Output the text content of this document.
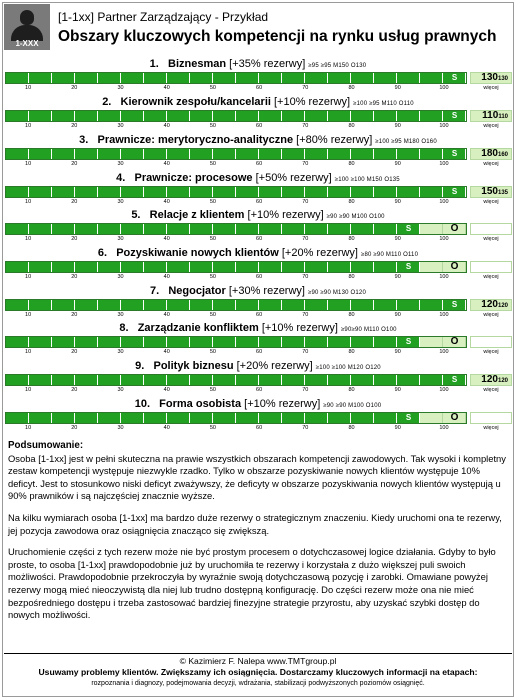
1-XXX
[1-1xx] Partner Zarządzający - Przykład
Obszary kluczowych kompetencji na rynku usług prawnych
1. Biznesman [+35% rezerwy] ≥95 ≥95 M150 O130
S	130130
10	20	30	40	50	60	70	80	90	100	więcej
2. Kierownik zespołu/kancelarii [+10% rezerwy] ≥100 ≥95 M110 O110
S	110110
10	20	30	40	50	60	70	80	90	100	więcej
3. Prawnicze: merytoryczno-analityczne [+80% rezerwy] ≥100 ≥95 M180 O160
S	180160
10	20	30	40	50	60	70	80	90	100	więcej
4. Prawnicze: procesowe [+50% rezerwy] ≥100 ≥100 M150 O135
S	150135
10	20	30	40	50	60	70	80	90	100	więcej
5. Relacje z klientem [+10% rezerwy] ≥90 ≥90 M100 O100
S	O
10	20	30	40	50	60	70	80	90	100	więcej
6. Pozyskiwanie nowych klientów [+20% rezerwy] ≥80 ≥90 M110 O110
S	O
10	20	30	40	50	60	70	80	90	100	więcej
7. Negocjator [+30% rezerwy] ≥90 ≥90 M130 O120
S	120120
10	20	30	40	50	60	70	80	90	100	więcej
8. Zarządzanie konfliktem [+10% rezerwy] ≥90≥90 M110 O100
S	O
10	20	30	40	50	60	70	80	90	100	więcej
9. Polityk biznesu [+20% rezerwy] ≥100 ≥100 M120 O120
S	120120
10	20	30	40	50	60	70	80	90	100	więcej
10. Forma osobista [+10% rezerwy] ≥90 ≥90 M100 O100
S	O
10	20	30	40	50	60	70	80	90	100	więcej
Podsumowanie:

Osoba [1-1xx] jest w pełni skuteczna na prawie wszystkich obszarach kompetencji zawodowych. Tak wysoki i kompletny zestaw kompetencji występuje niezwykle rzadko. Tylko w obszarze pozyskiwanie nowych klientów występuje 10% deficyt. Jest to stosunkowo niski deficyt zważywszy, że deficyty w obszarze pozyskiwania nowych klientów występują u 90% prawników i są najczęściej znacznie wyższe.

Na kilku wymiarach osoba [1-1xx] ma bardzo duże rezerwy o strategicznym znaczeniu. Kiedy uruchomi ona te rezerwy, jej pozycja zawodowa oraz osiągnięcia znacząco się zwiększą.

Uruchomienie części z tych rezerw może nie być prostym procesem o dotychczasowej logice działania. Gdyby to było proste, to osoba [1-1xx] prawdopodobnie już by uruchomiła te rezerwy i korzystała z dużo większej puli swoich możliwości. Prawdopodobnie przekroczyła by wyraźnie swoją dotychczasową pozycję i zarobki. Omawiane powyżej rezerwy mogą mieć nieoczywistą dla niej lub trudno dostępną konfigurację. Do części rezerw może ona nie mieć bezpośredniego dostępu i trzeba zastosować bardziej finezyjne strategie przyrostu, aby uzyskać szybki dostęp do nowych możliwości.

© Kazimierz F. Nalepa www.TMTgroup.pl
Usuwamy problemy klientów. Zwiększamy ich osiągnięcia. Dostarczamy kluczowych informacji na etapach:
rozpoznania i diagnozy, podejmowania decyzji, wdrażania, stabilizacji podwyższonych poziomów osiągnięć.
